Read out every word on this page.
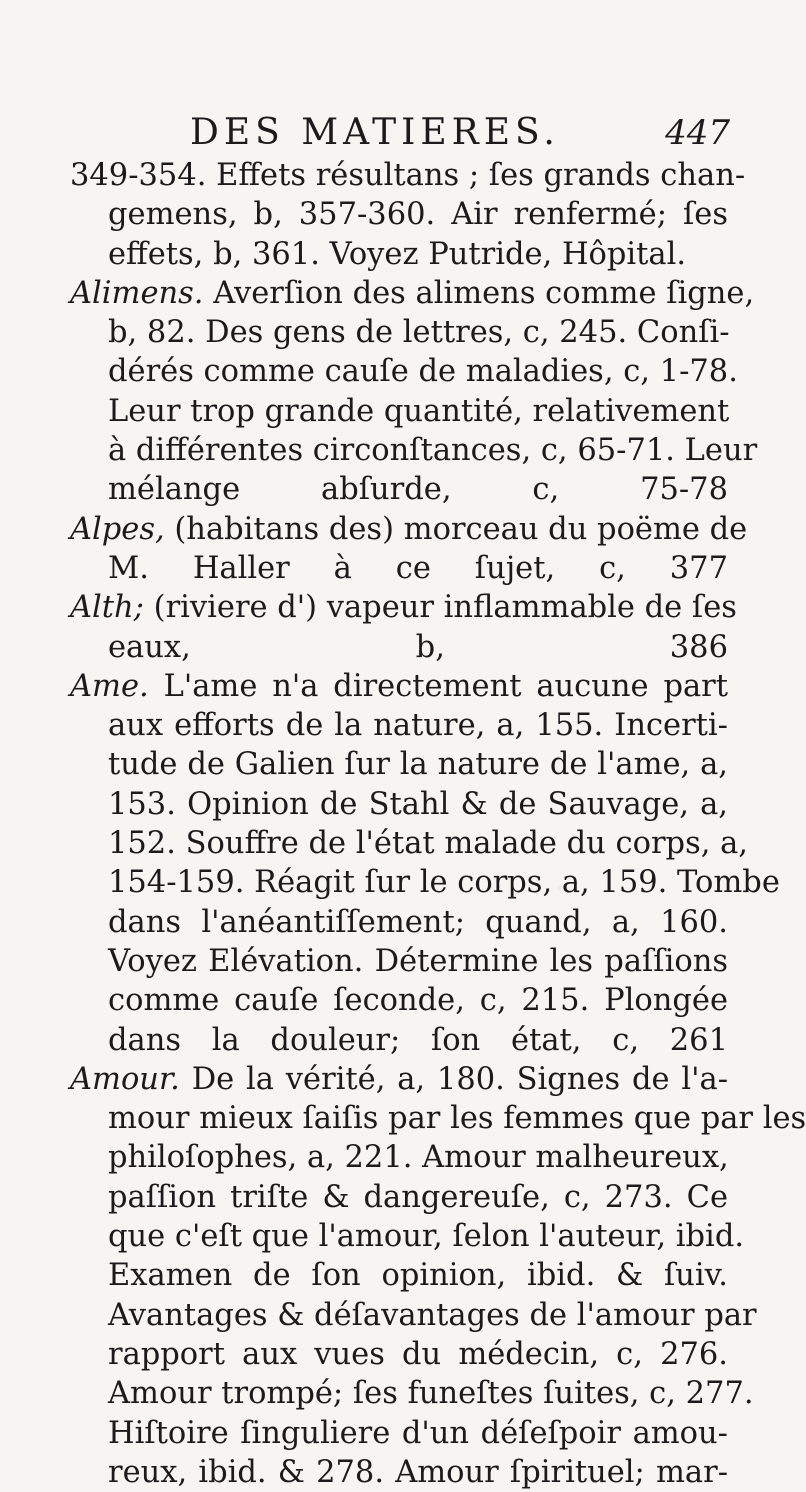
DES MATIERES.	447
349-354. Effets résultans ; ſes grands chan-
gemens, b, 357-360. Air renfermé; ſes
effets, b, 361. Voyez Putride, Hôpital.
Alimens. Averſion des alimens comme ſigne,
b, 82. Des gens de lettres, c, 245. Conſi-
dérés comme cauſe de maladies, c, 1-78.
Leur trop grande quantité, relativement
à différentes circonſtances, c, 65-71. Leur
mélange abſurde, c, 75-78
Alpes, (habitans des) morceau du poëme de
M. Haller à ce ſujet, c, 377
Alth; (riviere d') vapeur inflammable de ſes
eaux, b, 386
Ame. L'ame n'a directement aucune part
aux efforts de la nature, a, 155. Incerti-
tude de Galien ſur la nature de l'ame, a,
153. Opinion de Stahl & de Sauvage, a,
152. Souffre de l'état malade du corps, a,
154-159. Réagit ſur le corps, a, 159. Tombe
dans l'anéantiſſement; quand, a, 160.
Voyez Elévation. Détermine les paſſions
comme cauſe ſeconde, c, 215. Plongée
dans la douleur; ſon état, c, 261
Amour. De la vérité, a, 180. Signes de l'a-
mour mieux ſaiſis par les femmes que par les
philoſophes, a, 221. Amour malheureux,
paſſion triſte & dangereuſe, c, 273. Ce
que c'eſt que l'amour, ſelon l'auteur, ibid.
Examen de ſon opinion, ibid. & ſuiv.
Avantages & déſavantages de l'amour par
rapport aux vues du médecin, c, 276.
Amour trompé; ſes funeſtes ſuites, c, 277.
Hiſtoire ſinguliere d'un déſeſpoir amou-
reux, ibid. & 278. Amour ſpirituel; mar-
